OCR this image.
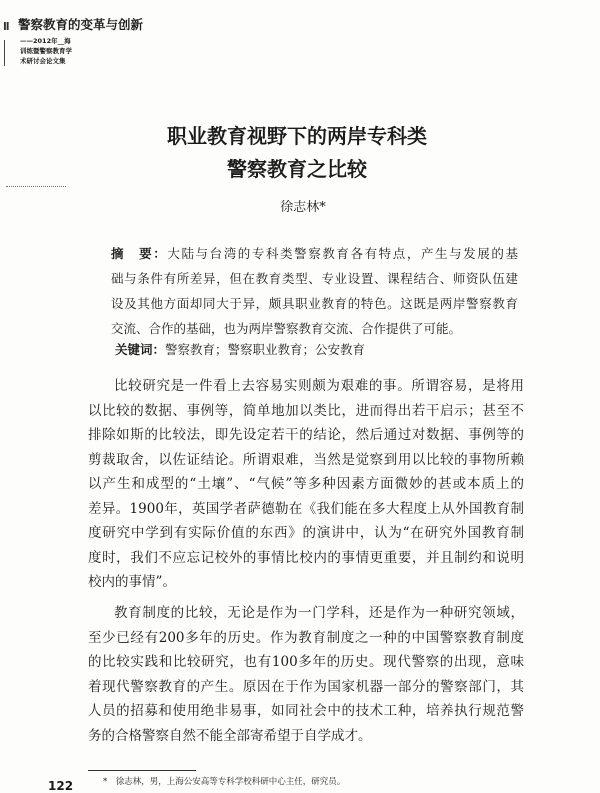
ll 警察教育的变革与创新
——2012年__海
训练暨警察教育学
术研讨会论文集
职业教育视野下的两岸专科类
警察教育之比较
徐志林*
摘　要：大陆与台湾的专科类警察教育各有特点，产生与发展的基
础与条件有所差异，但在教育类型、专业设置、课程结合、师资队伍建
设及其他方面却同大于异，颇具职业教育的特色。这既是两岸警察教育
交流、合作的基础，也为两岸警察教育交流、合作提供了可能。
关键词：警察教育；警察职业教育；公安教育
比较研究是一件看上去容易实则颇为艰难的事。所谓容易，是将用
以比较的数据、事例等，简单地加以类比，进而得出若干启示；甚至不
排除如斯的比较法，即先设定若干的结论，然后通过对数据、事例等的
剪裁取舍，以佐证结论。所谓艰难，当然是觉察到用以比较的事物所赖
以产生和成型的“土壤”、“气候”等多种因素方面微妙的甚或本质上的
差异。1900年，英国学者萨德勒在《我们能在多大程度上从外国教育制
度研究中学到有实际价值的东西》的演讲中，认为“在研究外国教育制
度时，我们不应忘记校外的事情比校内的事情更重要，并且制约和说明
校内的事情”。
教育制度的比较，无论是作为一门学科，还是作为一种研究领域，
至少已经有200多年的历史。作为教育制度之一种的中国警察教育制度
的比较实践和比较研究，也有100多年的历史。现代警察的出现，意味
着现代警察教育的产生。原因在于作为国家机器一部分的警察部门，其
人员的招募和使用绝非易事，如同社会中的技术工种，培养执行规范警
务的合格警察自然不能全部寄希望于自学成才。
*　徐志林，男，上海公安高等专科学校科研中心主任，研究员。
122
